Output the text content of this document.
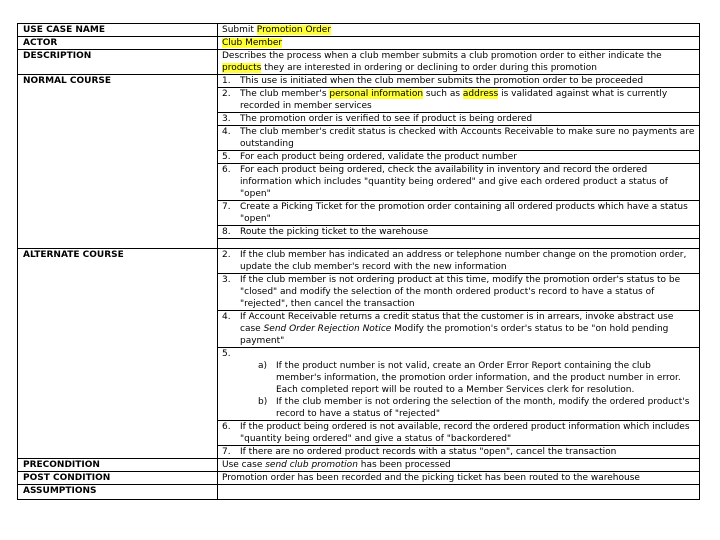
USE CASE NAME	Submit Promotion Order
ACTOR	Club Member
DESCRIPTION	Describes the process when a club member submits a club promotion order to either indicate the products they are interested in ordering or declining to order during this promotion
NORMAL COURSE		1.	This use is initiated when the club member submits the promotion order to be proceeded

2.	The club member's personal information such as address is validated against what is currently recorded in member services

3.	The promotion order is verified to see if product is being ordered

4.	The club member's credit status is checked with Accounts Receivable to make sure no payments are outstanding

5.	For each product being ordered, validate the product number

6.	For each product being ordered, check the availability in inventory and record the ordered information which includes "quantity being ordered" and give each ordered product a status of "open"

7.	Create a Picking Ticket for the promotion order containing all ordered products which have a status "open"

8.	Route the picking ticket to the warehouse

ALTERNATE COURSE		2.	If the club member has indicated an address or telephone number change on the promotion order, update the club member's record with the new information

3.	If the club member is not ordering product at this time, modify the promotion order's status to be "closed" and modify the selection of the month ordered product's record to have a status of "rejected", then cancel the transaction

4.	If Account Receivable returns a credit status that the customer is in arrears, invoke abstract use case Send Order Rejection Notice Modify the promotion's order's status to be "on hold pending payment"

5.
a) If the product number is not valid, create an Order Error Report containing the club member's information, the promotion order information, and the product number in error. Each completed report will be routed to a Member Services clerk for resolution.
b) If the club member is not ordering the selection of the month, modify the ordered product's record to have a status of "rejected"

6.	If the product being ordered is not available, record the ordered product information which includes "quantity being ordered" and give a status of "backordered"

7.	If there are no ordered product records with a status "open", cancel the transaction

PRECONDITION	Use case send club promotion has been processed
POST CONDITION	Promotion order has been recorded and the picking ticket has been routed to the warehouse
ASSUMPTIONS	
